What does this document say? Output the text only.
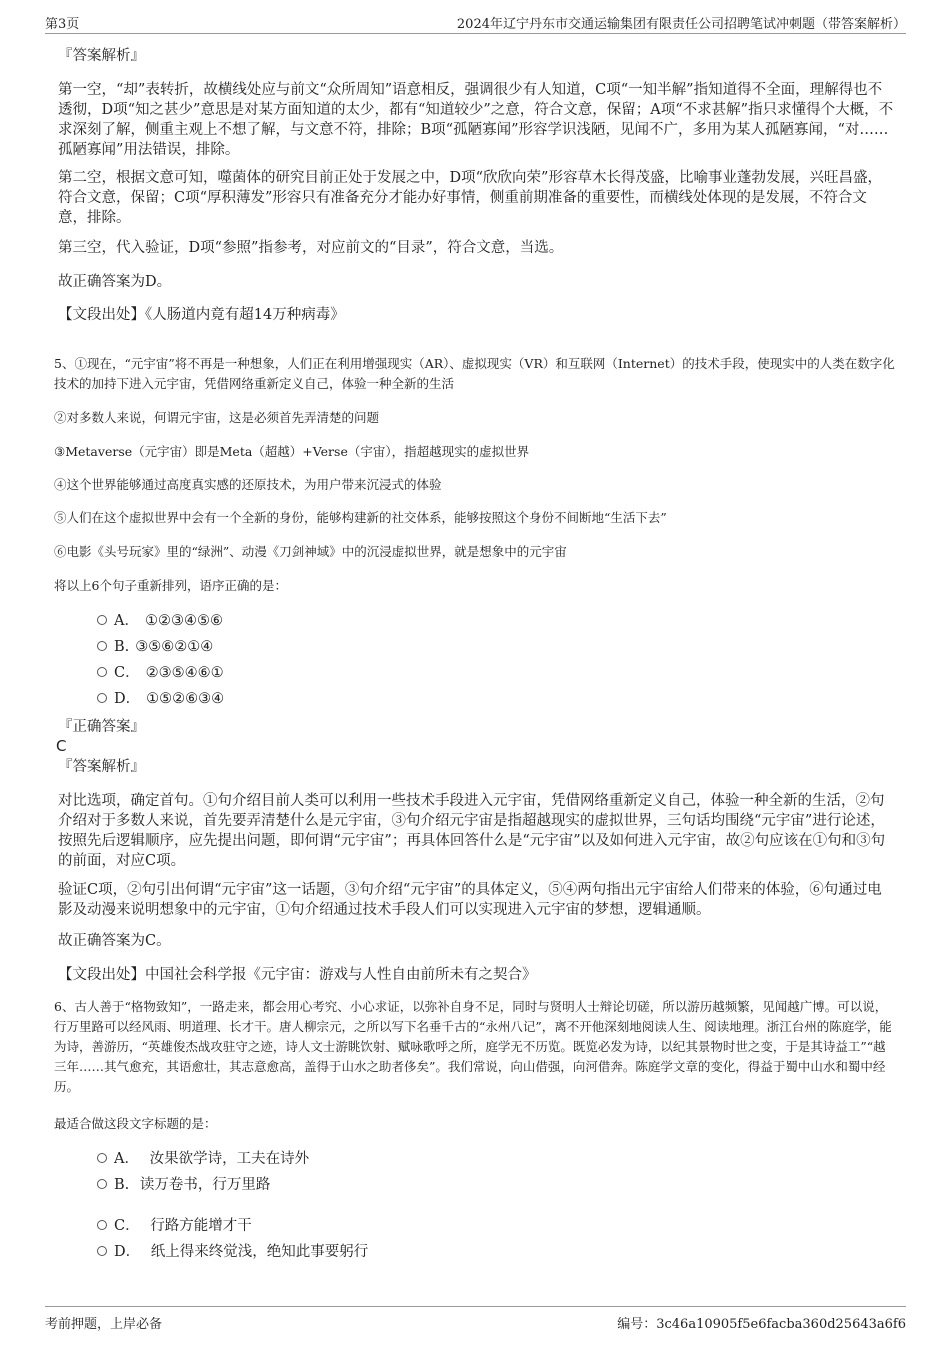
第3页	2024年辽宁丹东市交通运输集团有限责任公司招聘笔试冲刺题（带答案解析）

『答案解析』

第一空，“却”表转折，故横线处应与前文“众所周知”语意相反，强调很少有人知道，C项“一知半解”指知道得不全面，理解得也不透彻，D项“知之甚少”意思是对某方面知道的太少，都有“知道较少”之意，符合文意，保留；A项“不求甚解”指只求懂得个大概，不求深刻了解，侧重主观上不想了解，与文意不符，排除；B项“孤陋寡闻”形容学识浅陋，见闻不广，多用为某人孤陋寡闻，“对……孤陋寡闻”用法错误，排除。

第二空，根据文意可知，噬菌体的研究目前正处于发展之中，D项“欣欣向荣”形容草木长得茂盛，比喻事业蓬勃发展，兴旺昌盛，符合文意，保留；C项“厚积薄发”形容只有准备充分才能办好事情，侧重前期准备的重要性，而横线处体现的是发展，不符合文意，排除。

第三空，代入验证，D项“参照”指参考，对应前文的“目录”，符合文意，当选。

故正确答案为D。

【文段出处】《人肠道内竟有超14万种病毒》

5、①现在，“元宇宙”将不再是一种想象，人们正在利用增强现实（AR）、虚拟现实（VR）和互联网（Internet）的技术手段，使现实中的人类在数字化技术的加持下进入元宇宙，凭借网络重新定义自己，体验一种全新的生活

②对多数人来说，何谓元宇宙，这是必须首先弄清楚的问题

③Metaverse（元宇宙）即是Meta（超越）+Verse（宇宙），指超越现实的虚拟世界

④这个世界能够通过高度真实感的还原技术，为用户带来沉浸式的体验

⑤人们在这个虚拟世界中会有一个全新的身份，能够构建新的社交体系，能够按照这个身份不间断地“生活下去”

⑥电影《头号玩家》里的“绿洲”、动漫《刀剑神域》中的沉浸虚拟世界，就是想象中的元宇宙

将以上6个句子重新排列，语序正确的是：

A． ①②③④⑤⑥
B. ③⑤⑥②①④
C． ②③⑤④⑥①
D． ①⑤②⑥③④

『正确答案』

C

『答案解析』

对比选项，确定首句。①句介绍目前人类可以利用一些技术手段进入元宇宙，凭借网络重新定义自己，体验一种全新的生活，②句介绍对于多数人来说，首先要弄清楚什么是元宇宙，③句介绍元宇宙是指超越现实的虚拟世界，三句话均围绕“元宇宙”进行论述，按照先后逻辑顺序，应先提出问题，即何谓“元宇宙”；再具体回答什么是“元宇宙”以及如何进入元宇宙，故②句应该在①句和③句的前面，对应C项。

验证C项，②句引出何谓“元宇宙”这一话题，③句介绍“元宇宙”的具体定义，⑤④两句指出元宇宙给人们带来的体验，⑥句通过电影及动漫来说明想象中的元宇宙，①句介绍通过技术手段人们可以实现进入元宇宙的梦想，逻辑通顺。

故正确答案为C。

【文段出处】中国社会科学报《元宇宙：游戏与人性自由前所未有之契合》

6、古人善于“格物致知”，一路走来，都会用心考究、小心求证，以弥补自身不足，同时与贤明人士辩论切磋，所以游历越频繁，见闻越广博。可以说，行万里路可以经风雨、明道理、长才干。唐人柳宗元，之所以写下名垂千古的“永州八记”，离不开他深刻地阅读人生、阅读地理。浙江台州的陈庭学，能为诗，善游历，“英雄俊杰战攻驻守之迹，诗人文士游眺饮射、赋咏歌呼之所，庭学无不历览。既览必发为诗，以纪其景物时世之变，于是其诗益工”“越三年……其气愈充，其语愈壮，其志意愈高，盖得于山水之助者侈矣”。我们常说，向山借强，向河借奔。陈庭学文章的变化，得益于蜀中山水和蜀中经历。

最适合做这段文字标题的是：

A． 汝果欲学诗，工夫在诗外
B. 读万卷书，行万里路
C． 行路方能增才干
D． 纸上得来终觉浅，绝知此事要躬行
考前押题，上岸必备	编号：3c46a10905f5e6facba360d25643a6f6
